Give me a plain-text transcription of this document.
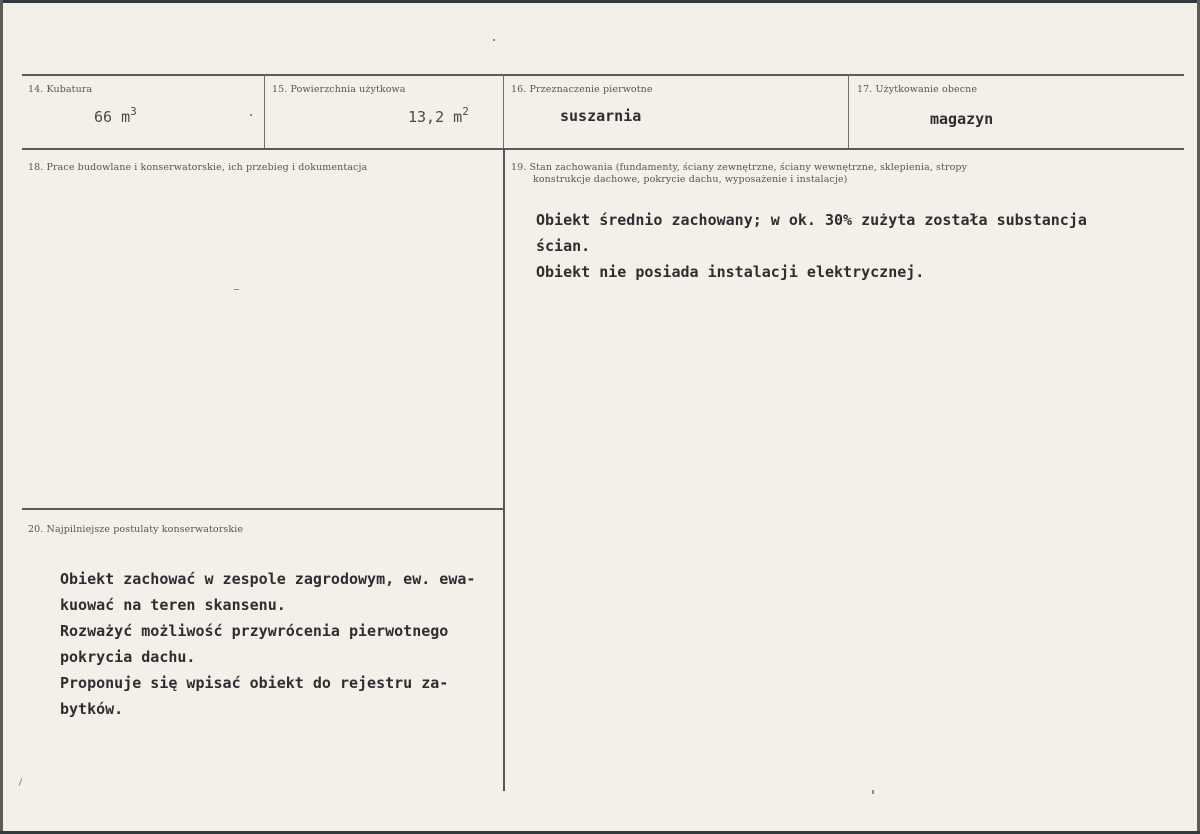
14. Kubatura
66 $m^3$
15. Powierzchnia użytkowa
13,2 $m^2$
16. Przeznaczenie pierwotne
suszarnia
17. Użytkowanie obecne
magazyn
18. Prace budowlane i konserwatorskie, ich przebieg i dokumentacja	19. Stan zachowania (fundamenty, ściany zewnętrzne, ściany wewnętrzne, sklepienia, stropy
konstrukcje dachowe, pokrycie dachu, wyposażenie i instalacje)
Obiekt średnio zachowany; w ok. 30% zużyta została substancja
ścian.
Obiekt nie posiada instalacji elektrycznej.
20. Najpilniejsze postulaty konserwatorskie
Obiekt zachować w zespole zagrodowym, ew. ewa-
kuować na teren skansenu.
Rozważyć możliwość przywrócenia pierwotnego
pokrycia dachu.
Proponuje się wpisać obiekt do rejestru za-
bytków.
